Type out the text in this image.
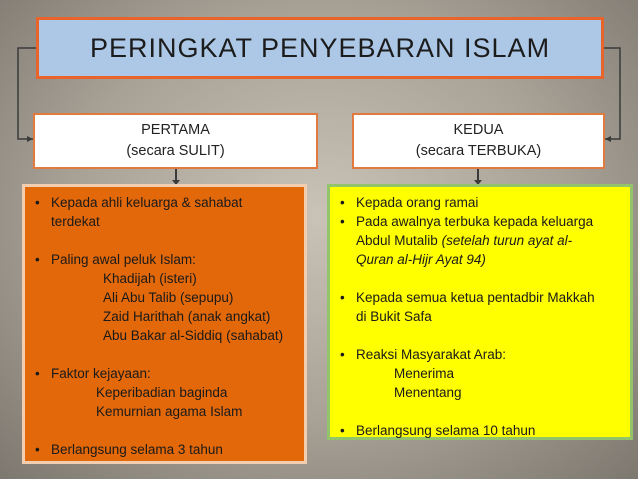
PERINGKAT PENYEBARAN ISLAM
PERTAMA
(secara SULIT)
KEDUA
(secara TERBUKA)
• Kepada ahli keluarga & sahabat
terdekat
• Paling awal peluk Islam:
Khadijah (isteri)
Ali Abu Talib (sepupu)
Zaid Harithah (anak angkat)
Abu Bakar al-Siddiq (sahabat)
• Faktor kejayaan:
Keperibadian baginda
Kemurnian agama Islam
• Berlangsung selama 3 tahun
• Kepada orang ramai
• Pada awalnya terbuka kepada keluarga
Abdul Mutalib (setelah turun ayat al-
Quran al-Hijr Ayat 94)
• Kepada semua ketua pentadbir Makkah
di Bukit Safa
• Reaksi Masyarakat Arab:
Menerima
Menentang
• Berlangsung selama 10 tahun
